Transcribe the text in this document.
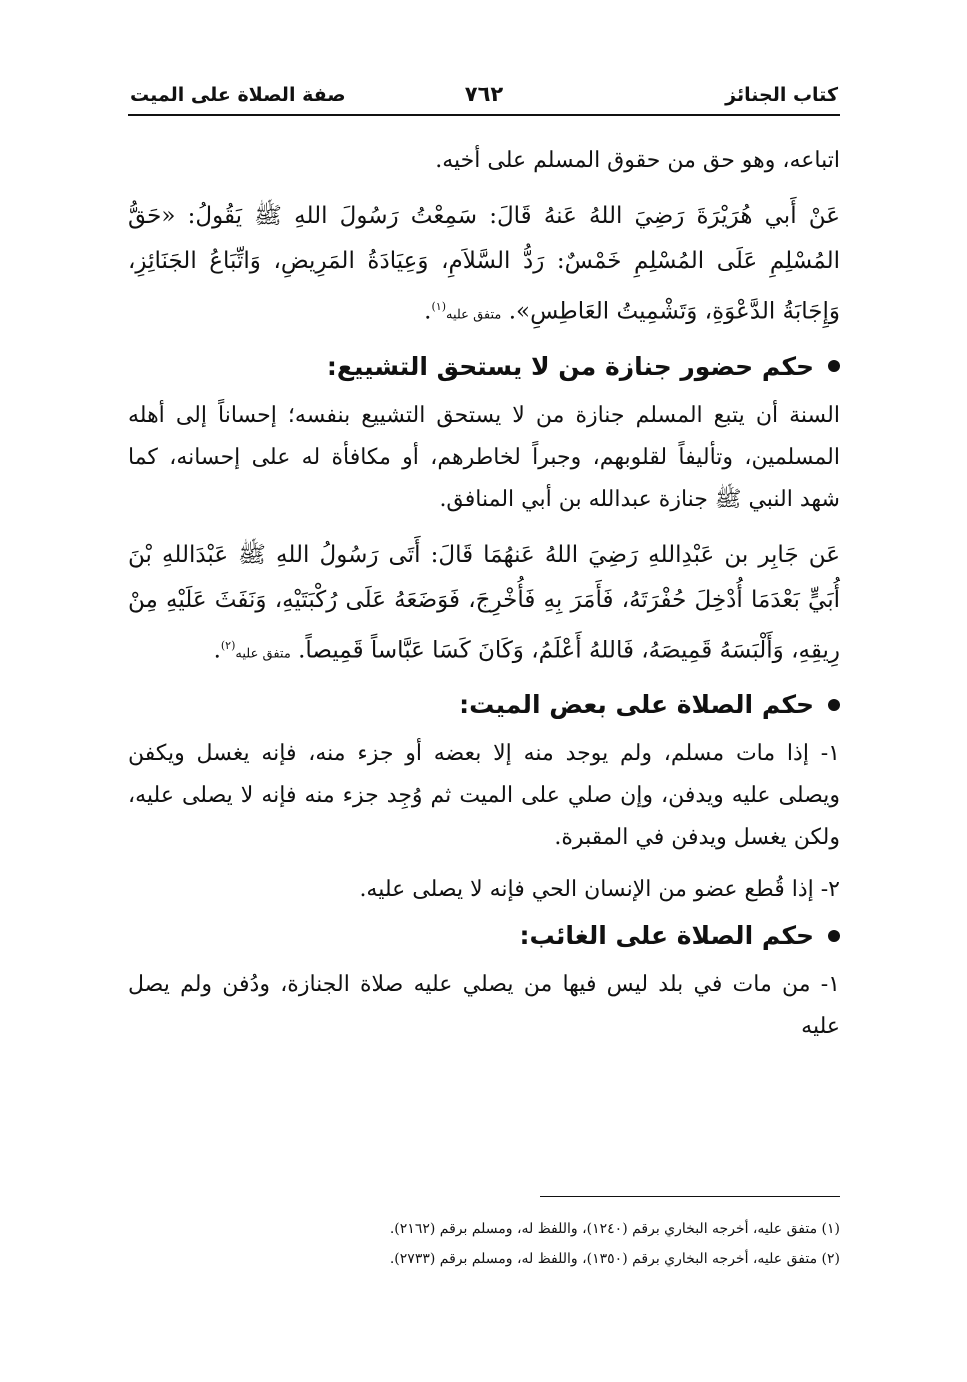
كتاب الجنائز
٧٦٢
صفة الصلاة على الميت

اتباعه، وهو حق من حقوق المسلم على أخيه.

عَنْ أَبي هُرَيْرَةَ رَضِيَ اللهُ عَنهُ قَالَ: سَمِعْتُ رَسُولَ اللهِ ﷺ يَقُولُ: «حَقُّ المُسْلِمِ عَلَى المُسْلِمِ خَمْسٌ: رَدُّ السَّلاَمِ، وَعِيَادَةُ المَرِيضِ، وَاتِّبَاعُ الجَنَائِزِ، وَإِجَابَةُ الدَّعْوَةِ، وَتَشْمِيتُ العَاطِسِ». متفق عليه$^{(١)}$.

حكم حضور جنازة من لا يستحق التشييع:

السنة أن يتبع المسلم جنازة من لا يستحق التشييع بنفسه؛ إحساناً إلى أهله المسلمين، وتأليفاً لقلوبهم، وجبراً لخاطرهم، أو مكافأة له على إحسانه، كما شهد النبي ﷺ جنازة عبدالله بن أبي المنافق.

عَن جَابِر بن عَبْدِاللهِ رَضِيَ اللهُ عَنهُمَا قَالَ: أَتَى رَسُولُ اللهِ ﷺ عَبْدَاللهِ بْنَ أُبَيٍّ بَعْدَمَا أُدْخِلَ حُفْرَتَهُ، فَأَمَرَ بِهِ فَأُخْرِجَ، فَوَضَعَهُ عَلَى رُكْبَتَيْهِ، وَنَفَثَ عَلَيْهِ مِنْ رِيقِهِ، وَأَلْبَسَهُ قَمِيصَهُ، فَاللهُ أَعْلَمُ، وَكَانَ كَسَا عَبَّاساً قَمِيصاً. متفق عليه$^{(٢)}$.

حكم الصلاة على بعض الميت:

١- إذا مات مسلم، ولم يوجد منه إلا بعضه أو جزء منه، فإنه يغسل ويكفن ويصلى عليه ويدفن، وإن صلي على الميت ثم وُجِد جزء منه فإنه لا يصلى عليه، ولكن يغسل ويدفن في المقبرة.

٢- إذا قُطع عضو من الإنسان الحي فإنه لا يصلى عليه.

حكم الصلاة على الغائب:

١- من مات في بلد ليس فيها من يصلي عليه صلاة الجنازة، ودُفن ولم يصل عليه

(١) متفق عليه، أخرجه البخاري برقم (١٢٤٠)، واللفظ له، ومسلم برقم (٢١٦٢).

(٢) متفق عليه، أخرجه البخاري برقم (١٣٥٠)، واللفظ له، ومسلم برقم (٢٧٣٣).
